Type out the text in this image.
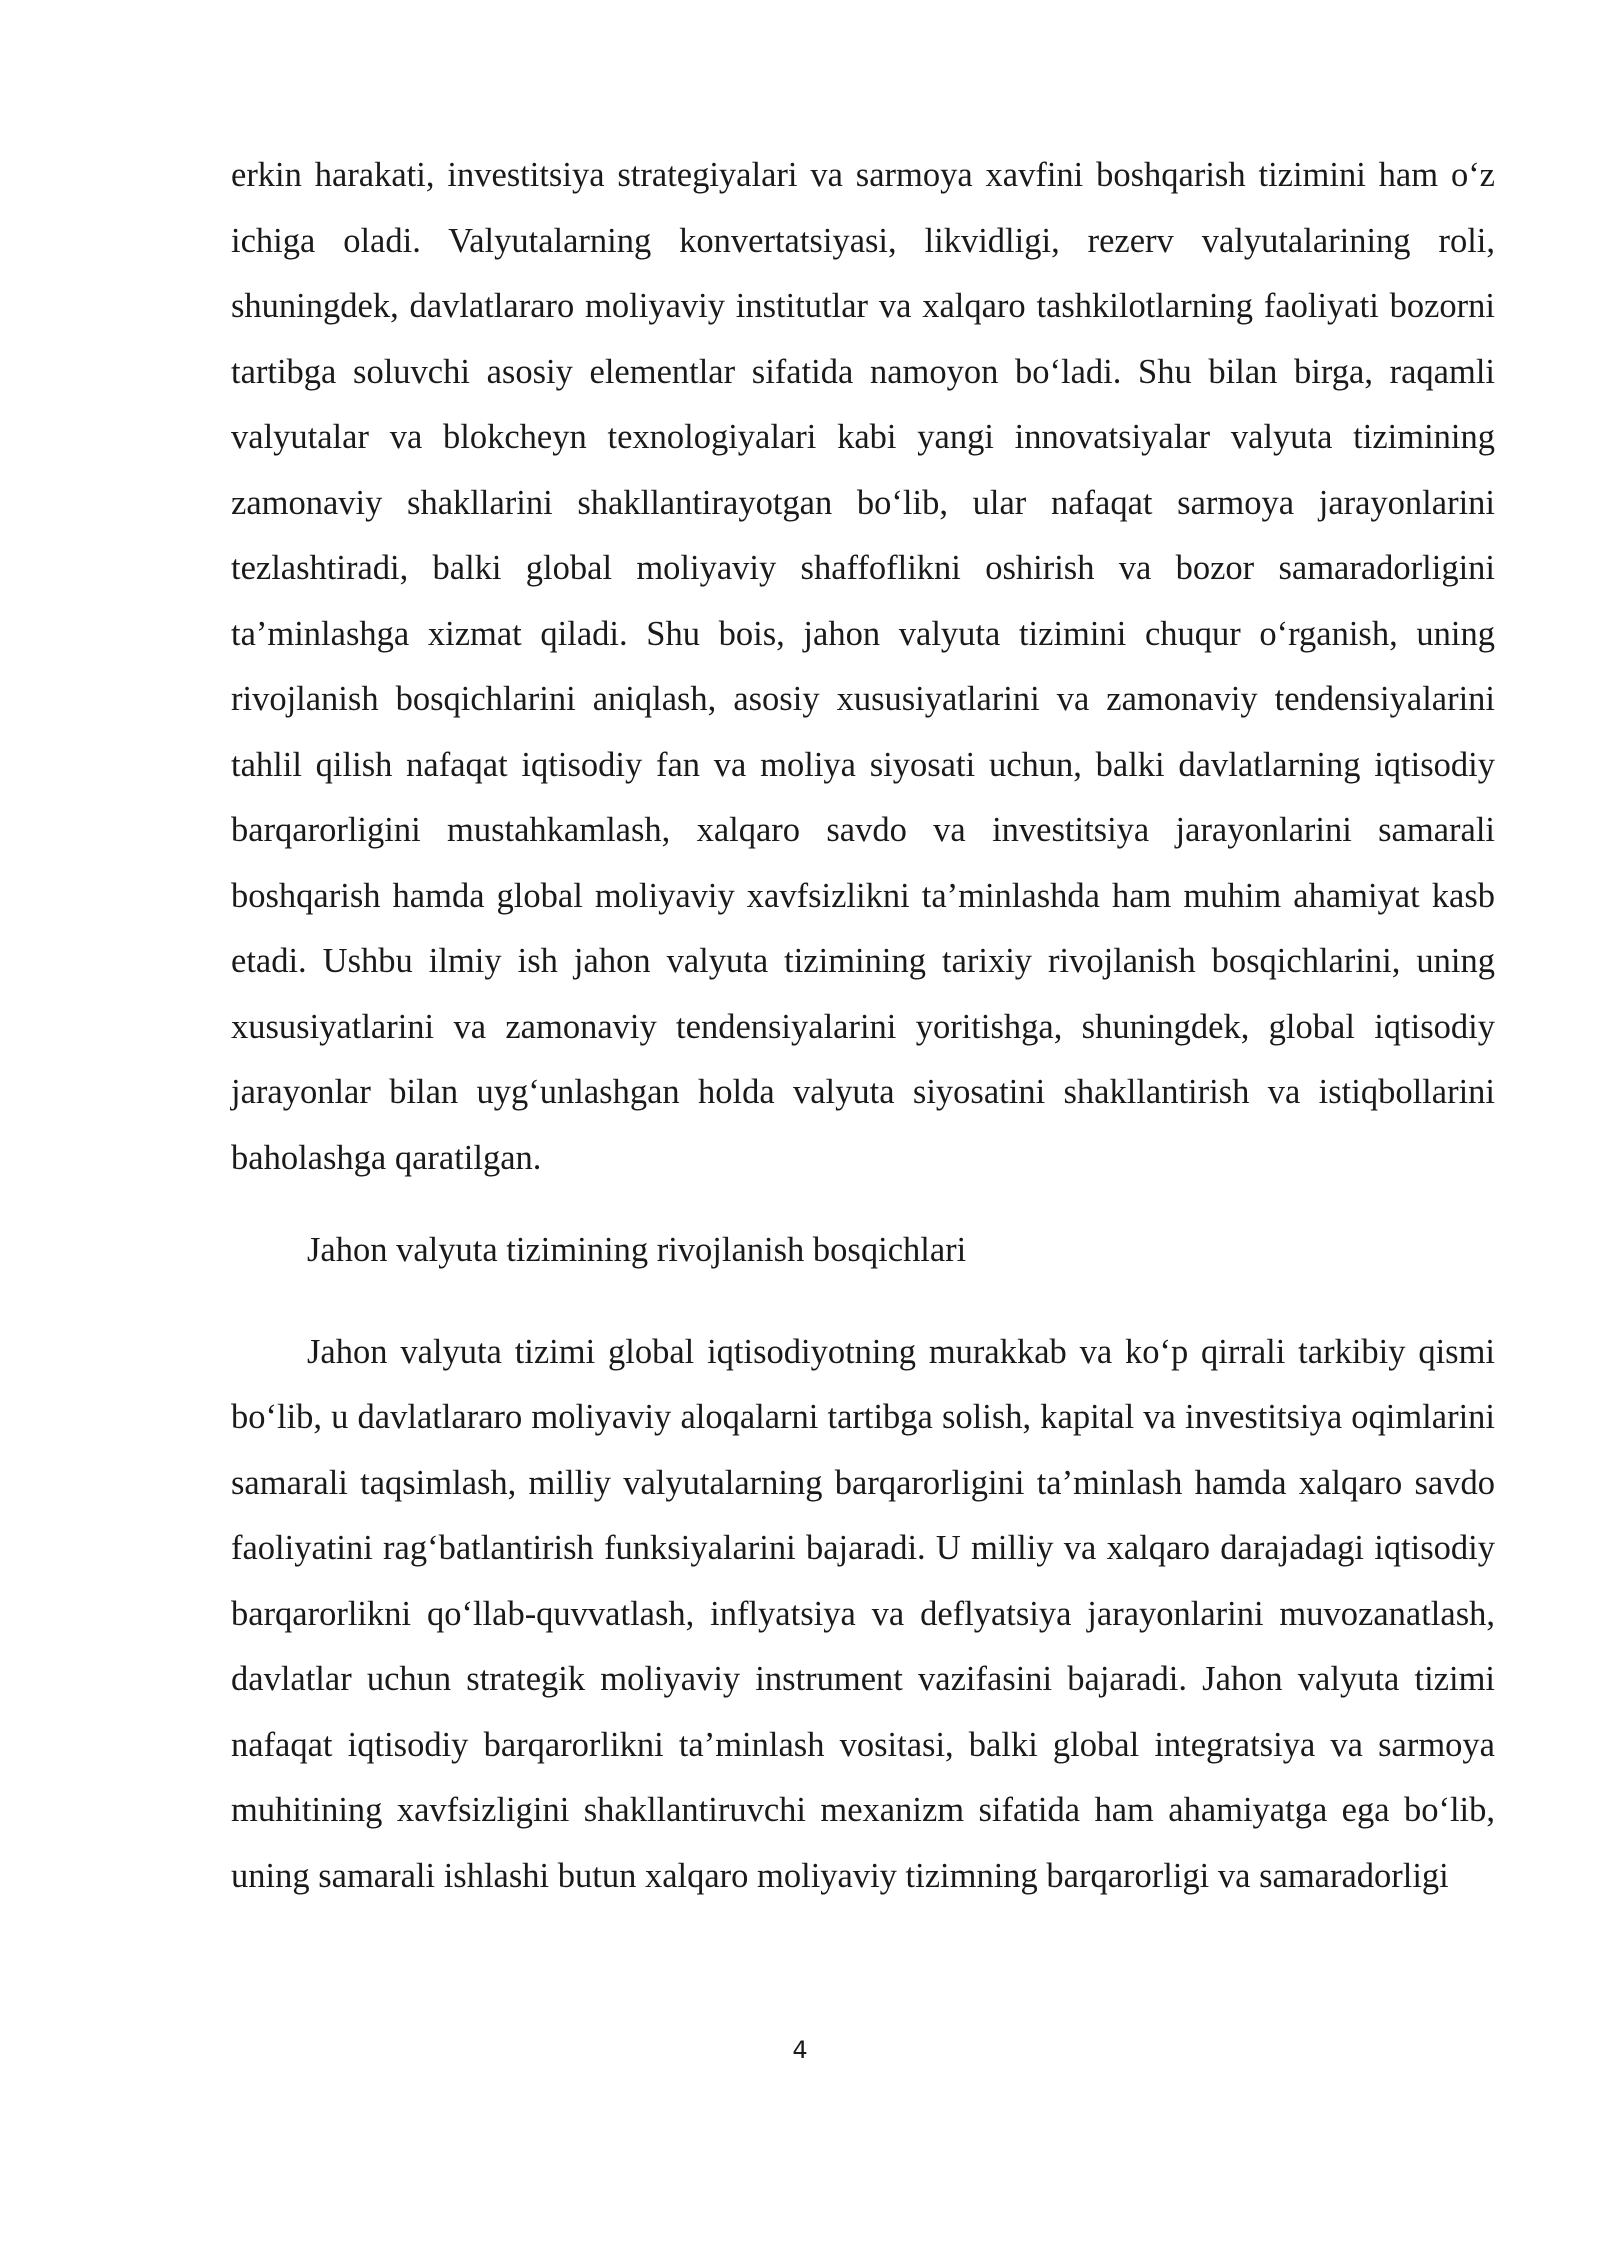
erkin harakati, investitsiya strategiyalari va sarmoya xavfini boshqarish tizimini ham o‘z ichiga oladi. Valyutalarning konvertatsiyasi, likvidligi, rezerv valyutalarining roli, shuningdek, davlatlararo moliyaviy institutlar va xalqaro tashkilotlarning faoliyati bozorni tartibga soluvchi asosiy elementlar sifatida namoyon bo‘ladi. Shu bilan birga, raqamli valyutalar va blokcheyn texnologiyalari kabi yangi innovatsiyalar valyuta tizimining zamonaviy shakllarini shakllantirayotgan bo‘lib, ular nafaqat sarmoya jarayonlarini tezlashtiradi, balki global moliyaviy shaffoflikni oshirish va bozor samaradorligini ta’minlashga xizmat qiladi. Shu bois, jahon valyuta tizimini chuqur o‘rganish, uning rivojlanish bosqichlarini aniqlash, asosiy xususiyatlarini va zamonaviy tendensiyalarini tahlil qilish nafaqat iqtisodiy fan va moliya siyosati uchun, balki davlatlarning iqtisodiy barqarorligini mustahkamlash, xalqaro savdo va investitsiya jarayonlarini samarali boshqarish hamda global moliyaviy xavfsizlikni ta’minlashda ham muhim ahamiyat kasb etadi. Ushbu ilmiy ish jahon valyuta tizimining tarixiy rivojlanish bosqichlarini, uning xususiyatlarini va zamonaviy tendensiyalarini yoritishga, shuningdek, global iqtisodiy jarayonlar bilan uyg‘unlashgan holda valyuta siyosatini shakllantirish va istiqbollarini baholashga qaratilgan.

Jahon valyuta tizimining rivojlanish bosqichlari

Jahon valyuta tizimi global iqtisodiyotning murakkab va ko‘p qirrali tarkibiy qismi bo‘lib, u davlatlararo moliyaviy aloqalarni tartibga solish, kapital va investitsiya oqimlarini samarali taqsimlash, milliy valyutalarning barqarorligini ta’minlash hamda xalqaro savdo faoliyatini rag‘batlantirish funksiyalarini bajaradi. U milliy va xalqaro darajadagi iqtisodiy barqarorlikni qo‘llab-quvvatlash, inflyatsiya va deflyatsiya jarayonlarini muvozanatlash, davlatlar uchun strategik moliyaviy instrument vazifasini bajaradi. Jahon valyuta tizimi nafaqat iqtisodiy barqarorlikni ta’minlash vositasi, balki global integratsiya va sarmoya muhitining xavfsizligini shakllantiruvchi mexanizm sifatida ham ahamiyatga ega bo‘lib, uning samarali ishlashi butun xalqaro moliyaviy tizimning barqarorligi va samaradorligi

4
